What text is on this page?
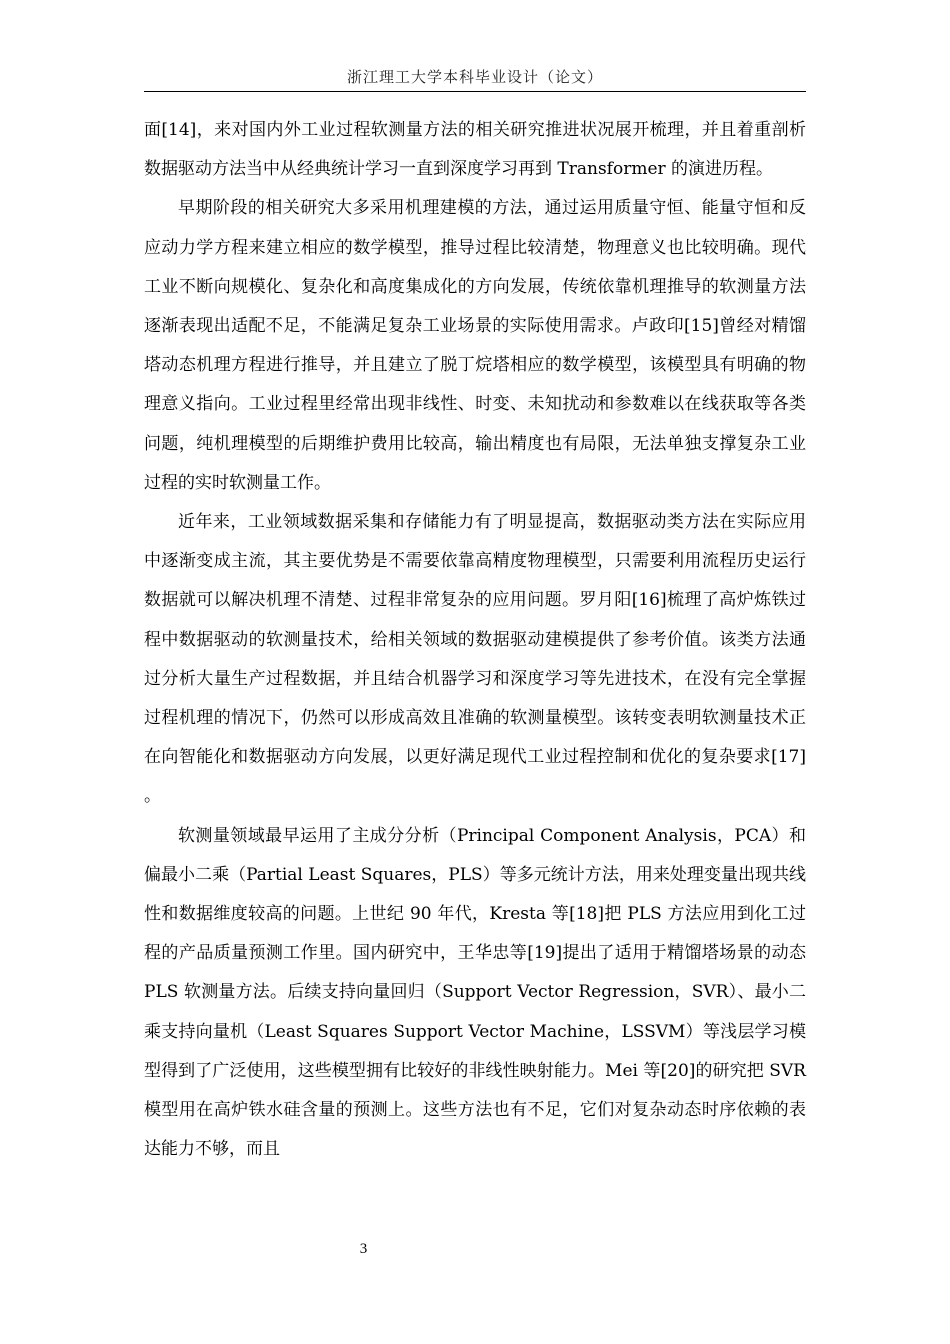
浙江理工大学本科毕业设计（论文）

面[14]，来对国内外工业过程软测量方法的相关研究推进状况展开梳理，并且着重剖析数据驱动方法当中从经典统计学习一直到深度学习再到 Transformer 的演进历程。

早期阶段的相关研究大多采用机理建模的方法，通过运用质量守恒、能量守恒和反应动力学方程来建立相应的数学模型，推导过程比较清楚，物理意义也比较明确。现代工业不断向规模化、复杂化和高度集成化的方向发展，传统依靠机理推导的软测量方法逐渐表现出适配不足，不能满足复杂工业场景的实际使用需求。卢政印[15]曾经对精馏塔动态机理方程进行推导，并且建立了脱丁烷塔相应的数学模型，该模型具有明确的物理意义指向。工业过程里经常出现非线性、时变、未知扰动和参数难以在线获取等各类问题，纯机理模型的后期维护费用比较高，输出精度也有局限，无法单独支撑复杂工业过程的实时软测量工作。

近年来，工业领域数据采集和存储能力有了明显提高，数据驱动类方法在实际应用中逐渐变成主流，其主要优势是不需要依靠高精度物理模型，只需要利用流程历史运行数据就可以解决机理不清楚、过程非常复杂的应用问题。罗月阳[16]梳理了高炉炼铁过程中数据驱动的软测量技术，给相关领域的数据驱动建模提供了参考价值。该类方法通过分析大量生产过程数据，并且结合机器学习和深度学习等先进技术，在没有完全掌握过程机理的情况下，仍然可以形成高效且准确的软测量模型。该转变表明软测量技术正在向智能化和数据驱动方向发展，以更好满足现代工业过程控制和优化的复杂要求[17]。

软测量领域最早运用了主成分分析（Principal Component Analysis，PCA）和偏最小二乘（Partial Least Squares，PLS）等多元统计方法，用来处理变量出现共线性和数据维度较高的问题。上世纪 90 年代，Kresta 等[18]把 PLS 方法应用到化工过程的产品质量预测工作里。国内研究中，王华忠等[19]提出了适用于精馏塔场景的动态 PLS 软测量方法。后续支持向量回归（Support Vector Regression，SVR）、最小二乘支持向量机（Least Squares Support Vector Machine，LSSVM）等浅层学习模型得到了广泛使用，这些模型拥有比较好的非线性映射能力。Mei 等[20]的研究把 SVR 模型用在高炉铁水硅含量的预测上。这些方法也有不足，它们对复杂动态时序依赖的表达能力不够，而且

3
